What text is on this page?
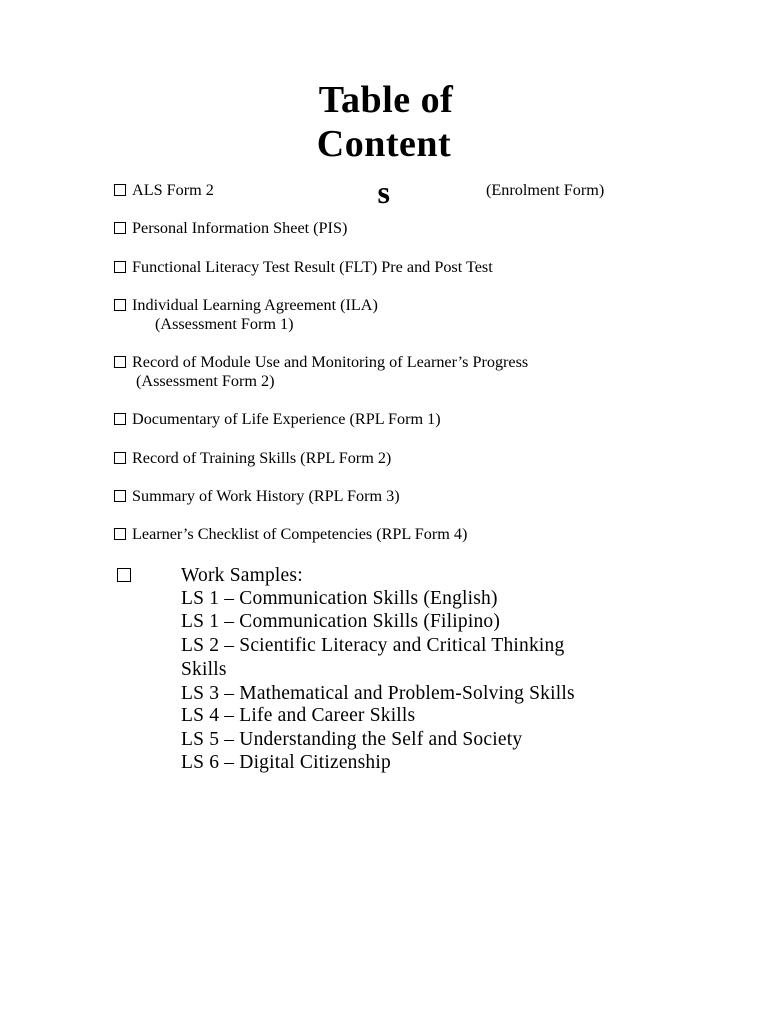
Table of
Content
s
ALS Form 2	(Enrolment Form)
Personal Information Sheet (PIS)
Functional Literacy Test Result (FLT) Pre and Post Test
Individual Learning Agreement (ILA)
(Assessment Form 1)
Record of Module Use and Monitoring of Learner’s Progress
(Assessment Form 2)
Documentary of Life Experience (RPL Form 1)
Record of Training Skills (RPL Form 2)
Summary of Work History (RPL Form 3)
Learner’s Checklist of Competencies (RPL Form 4)
Work Samples:
LS 1 – Communication Skills (English)
LS 1 – Communication Skills (Filipino)
LS 2 – Scientific Literacy and Critical Thinking
Skills
LS 3 – Mathematical and Problem-Solving Skills
LS 4 – Life and Career Skills
LS 5 – Understanding the Self and Society
LS 6 – Digital Citizenship
